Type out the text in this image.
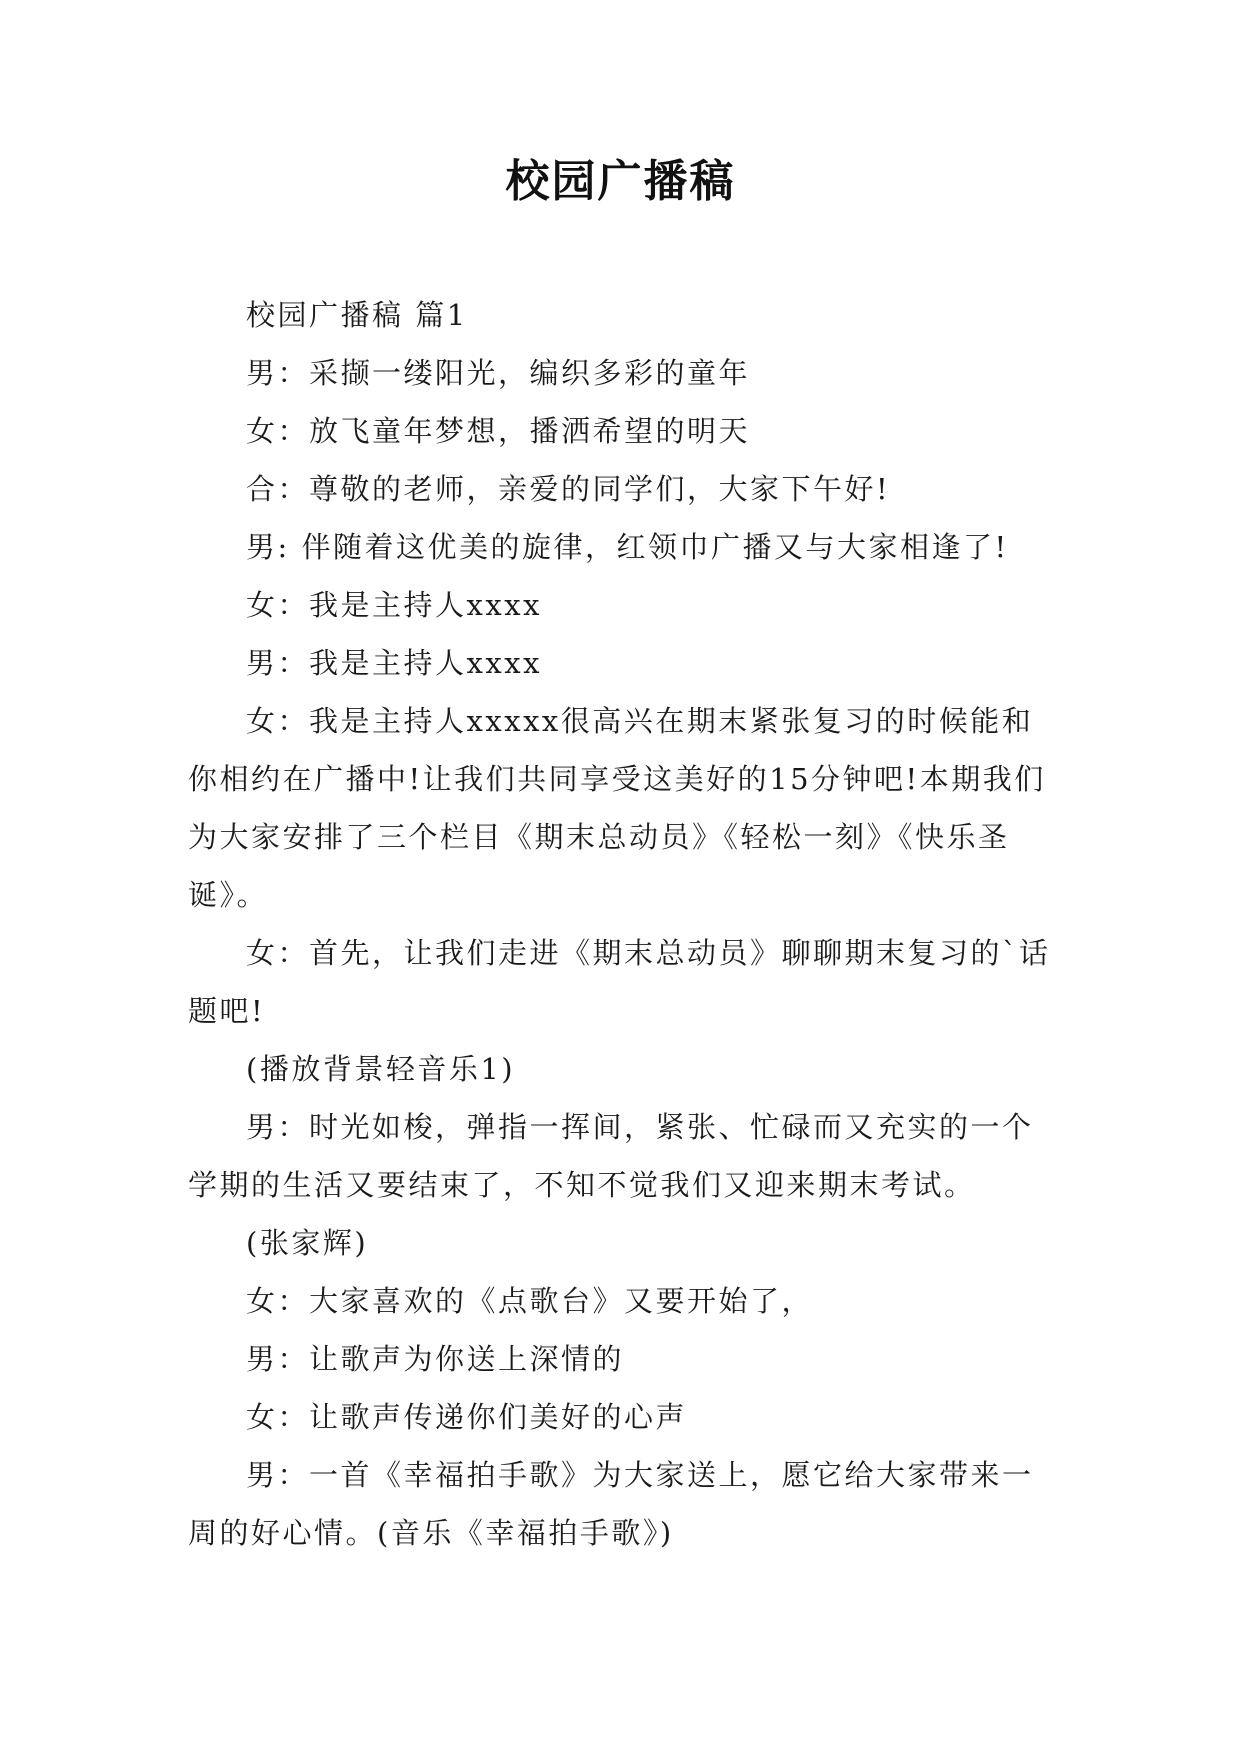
校园广播稿

校园广播稿 篇1

男：采撷一缕阳光，编织多彩的童年

女：放飞童年梦想，播洒希望的明天

合：尊敬的老师，亲爱的同学们，大家下午好!

男: 伴随着这优美的旋律，红领巾广播又与大家相逢了!

女：我是主持人xxxx

男：我是主持人xxxx

女：我是主持人xxxxx很高兴在期末紧张复习的时候能和你相约在广播中!让我们共同享受这美好的15分钟吧!本期我们为大家安排了三个栏目《期末总动员》《轻松一刻》《快乐圣诞》。

女：首先，让我们走进《期末总动员》聊聊期末复习的`话题吧!

(播放背景轻音乐1)

男：时光如梭，弹指一挥间，紧张、忙碌而又充实的一个学期的生活又要结束了，不知不觉我们又迎来期末考试。

(张家辉)

女：大家喜欢的《点歌台》又要开始了，

男：让歌声为你送上深情的

女：让歌声传递你们美好的心声

男：一首《幸福拍手歌》为大家送上，愿它给大家带来一周的好心情。(音乐《幸福拍手歌》)
